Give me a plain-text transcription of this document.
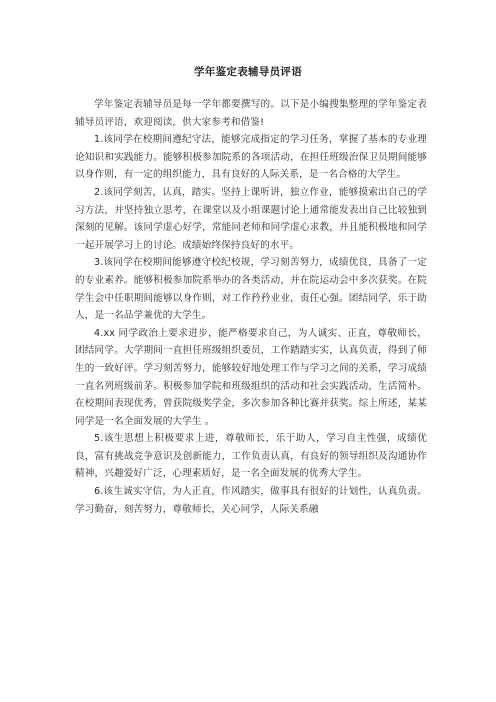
学年鉴定表辅导员评语

学年鉴定表辅导员是每一学年都要撰写的。以下是小编搜集整理的学年鉴定表辅导员评语，欢迎阅读，供大家参考和借鉴!

1.该同学在校期间遵纪守法，能够完成指定的学习任务，掌握了基本的专业理论知识和实践能力。能够积极参加院系的各项活动，在担任班级治保卫员期间能够以身作则，有一定的组织能力，具有良好的人际关系，是一名合格的大学生。

2.该同学刻苦，认真，踏实。坚持上课听讲，独立作业，能够摸索出自己的学习方法，并坚持独立思考，在课堂以及小组课题讨论上通常能发表出自己比较独到深刻的见解。该同学虚心好学，常能同老师和同学虚心求教，并且能积极地和同学一起开展学习上的讨论。成绩始终保持良好的水平。

3.该同学在校期间能够遵守校纪校规，学习刻苦努力，成绩优良，具备了一定的专业素养。能够积极参加院系举办的各类活动，并在院运动会中多次获奖。在院学生会中任职期间能够以身作则，对工作矜矜业业，责任心强。团结同学，乐于助人，是一名品学兼优的大学生。

4.xx 同学政治上要求进步，能严格要求自己，为人诚实、正直，尊敬师长，团结同学。大学期间一直担任班级组织委员，工作踏踏实实，认真负责，得到了师生的一致好评。学习刻苦努力，能够较好地处理工作与学习之间的关系，学习成绩一直名列班级前茅。积极参加学院和班级组织的活动和社会实践活动，生活简朴。在校期间表现优秀，曾获院级奖学金，多次参加各种比赛并获奖。综上所述，某某同学是一名全面发展的大学生 。

5.该生思想上积极要求上进，尊敬师长，乐于助人，学习自主性强，成绩优良，富有挑战竞争意识及创新能力，工作负责认真，有良好的领导组织及沟通协作精神，兴趣爱好广泛，心理素质好，是一名全面发展的优秀大学生。

6.该生诚实守信，为人正直，作风踏实，做事具有很好的计划性，认真负责。学习勤奋，刻苦努力，尊敬师长，关心同学，人际关系融
